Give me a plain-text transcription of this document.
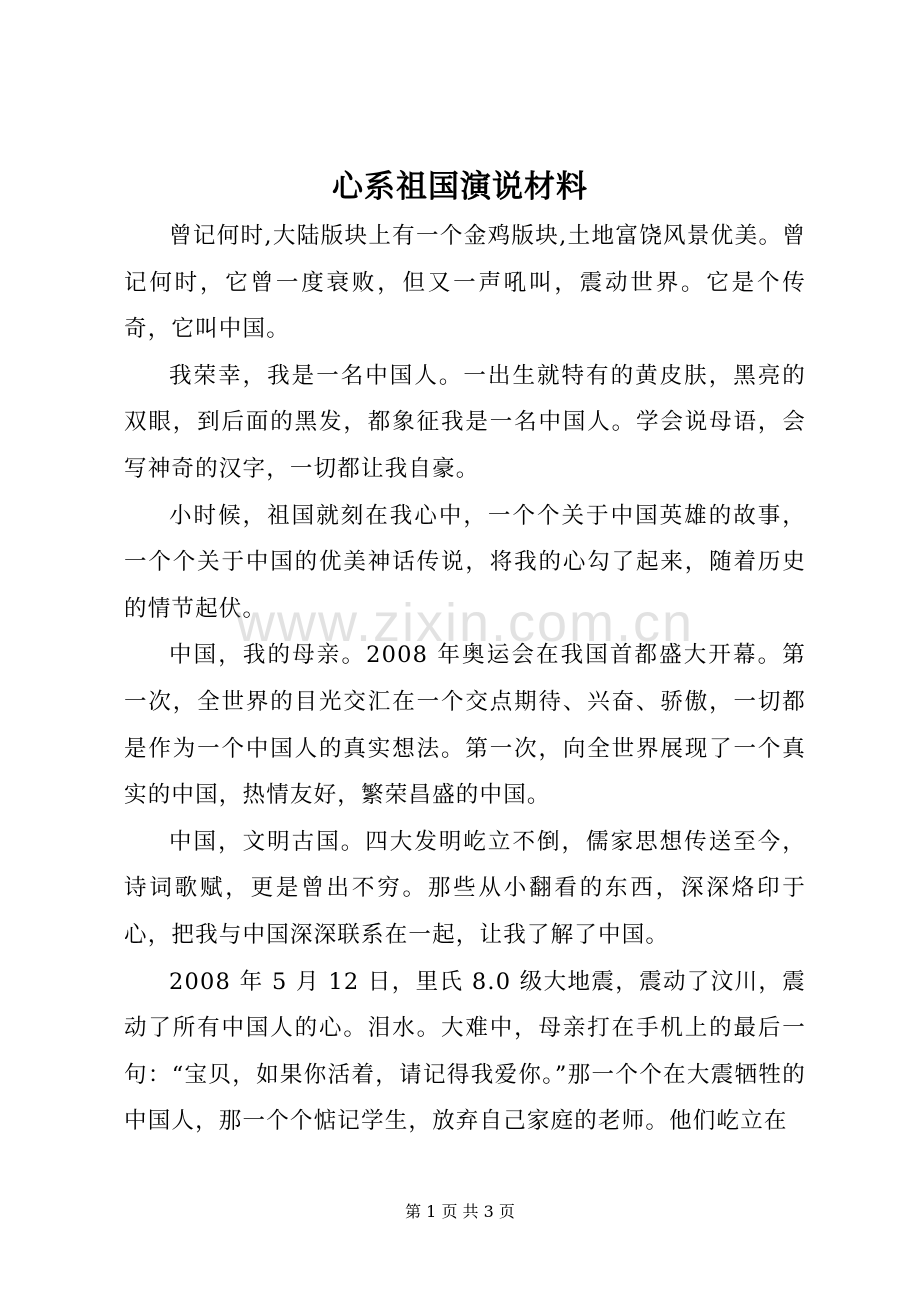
心系祖国演说材料

曾记何时,大陆版块上有一个金鸡版块,土地富饶风景优美。曾记何时，它曾一度衰败，但又一声吼叫，震动世界。它是个传奇，它叫中国。

我荣幸，我是一名中国人。一出生就特有的黄皮肤，黑亮的双眼，到后面的黑发，都象征我是一名中国人。学会说母语，会写神奇的汉字，一切都让我自豪。

小时候，祖国就刻在我心中，一个个关于中国英雄的故事，一个个关于中国的优美神话传说，将我的心勾了起来，随着历史的情节起伏。

中国，我的母亲。2008 年奥运会在我国首都盛大开幕。第一次，全世界的目光交汇在一个交点期待、兴奋、骄傲，一切都是作为一个中国人的真实想法。第一次，向全世界展现了一个真实的中国，热情友好，繁荣昌盛的中国。

中国，文明古国。四大发明屹立不倒，儒家思想传送至今，诗词歌赋，更是曾出不穷。那些从小翻看的东西，深深烙印于心，把我与中国深深联系在一起，让我了解了中国。

2008 年 5 月 12 日，里氏 8.0 级大地震，震动了汶川，震动了所有中国人的心。泪水。大难中，母亲打在手机上的最后一句：“宝贝，如果你活着，请记得我爱你。”那一个个在大震牺牲的中国人，那一个个惦记学生，放弃自己家庭的老师。他们屹立在

www.zixin.com.cn
第 1 页 共 3 页
